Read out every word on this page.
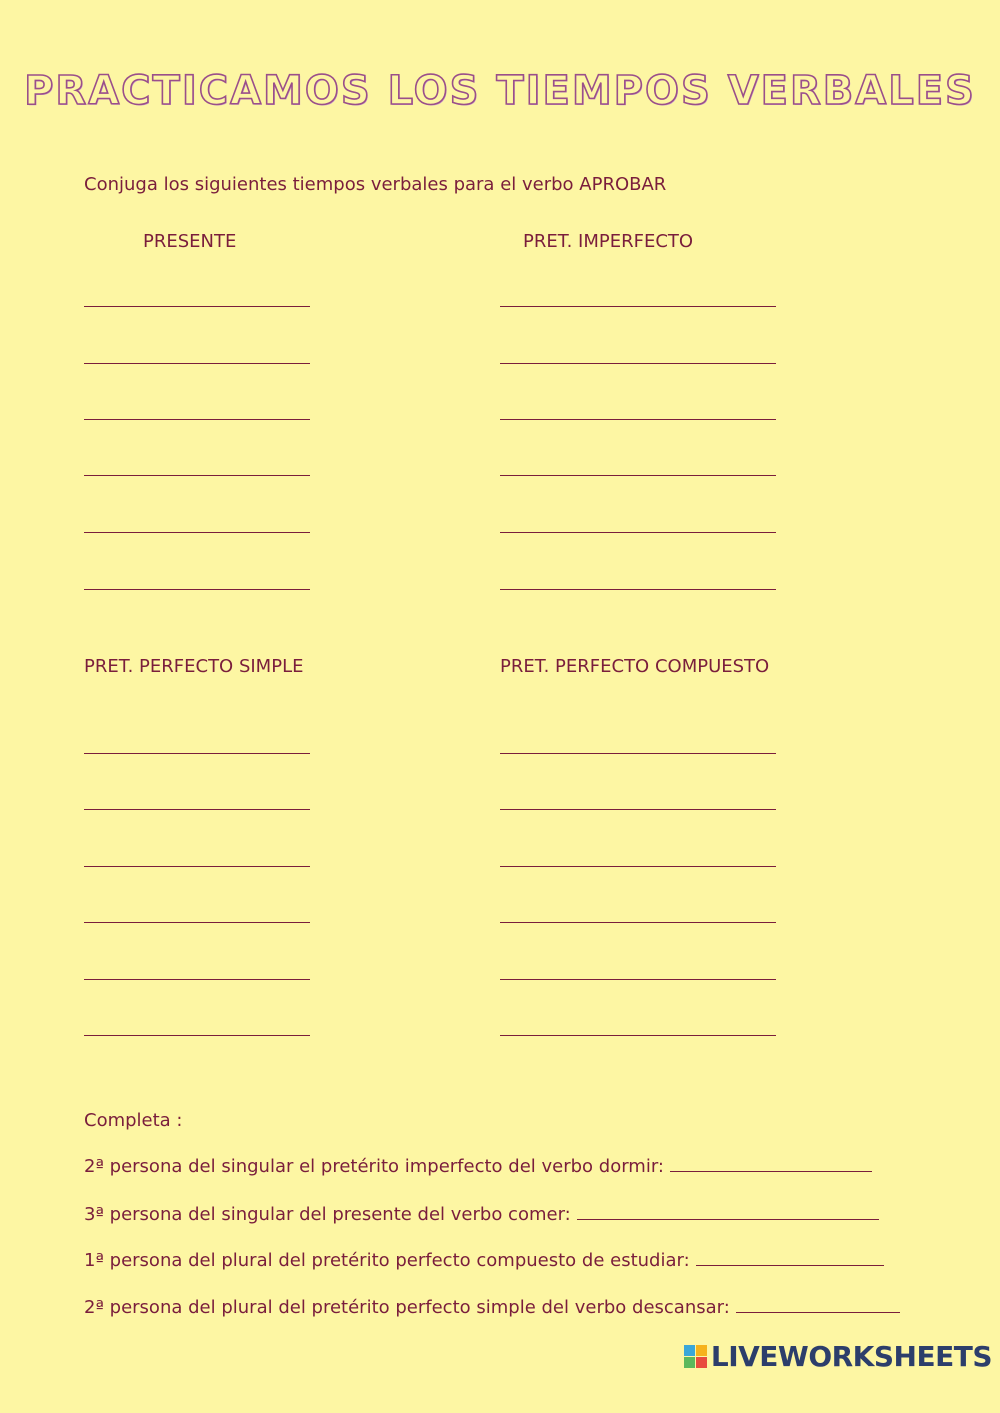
PRACTICAMOS LOS TIEMPOS VERBALES
Conjuga los siguientes tiempos verbales para el verbo APROBAR
PRESENTE	PRET. IMPERFECTO
PRET. PERFECTO SIMPLE	PRET. PERFECTO COMPUESTO
Completa :
2ª persona del singular el pretérito imperfecto del verbo dormir:
3ª persona del singular del presente del verbo comer:
1ª persona del plural del pretérito perfecto compuesto de estudiar:
2ª persona del plural del pretérito perfecto simple del verbo descansar:
LIVEWORKSHEETS
